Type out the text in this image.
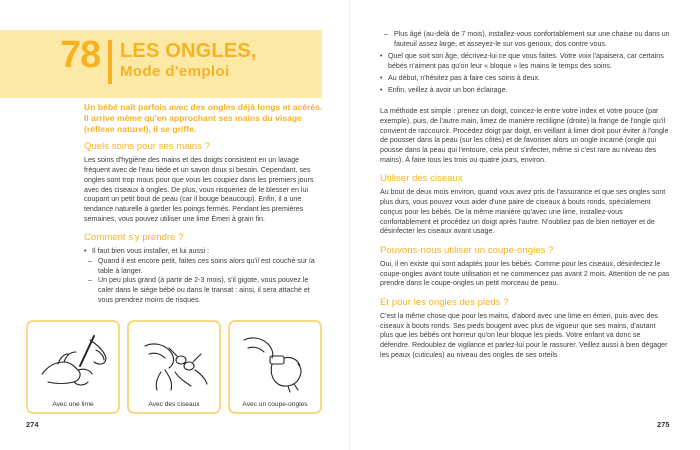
78 LES ONGLES,
Mode d'emploi

Un bébé naît parfois avec des ongles déjà longs et acérés. Il arrive même qu'en approchant ses mains du visage (réflexe naturel), il se griffe.

Quels soins pour ses mains ?

Les soins d'hygiène des mains et des doigts consistent en un lavage fréquent avec de l'eau tiède et un savon doux si besoin. Cependant, ses ongles sont trop mous pour que vous les coupiez dans les premiers jours avec des ciseaux à ongles. De plus, vous risqueriez de le blesser en lui coupant un petit bout de peau (car il bouge beaucoup). Enfin, il a une tendance naturelle à garder les poings fermés. Pendant les premières semaines, vous pouvez utiliser une lime Émeri à grain fin.

Comment s'y prendre ?
• Il faut bien vous installer, et lui aussi :
– Quand il est encore petit, faites ces soins alors qu'il est couché sur la table à langer.
– Un peu plus grand (à partir de 2-3 mois), s'il gigote, vous pouvez le caler dans le siège bébé ou dans le transat : ainsi, il sera attaché et vous prendrez moins de risques.
Avec une lime	Avec des ciseaux	Avec un coupe-ongles
274	275
– Plus âgé (au-delà de 7 mois), installez-vous confortablement sur une chaise ou dans un fauteuil assez large, et asseyez-le sur vos genoux, dos contre vous.
• Quel que soit son âge, décrivez-lui ce que vous faites. Votre voix l'apaisera, car certains bébés n'aiment pas qu'on leur « bloque » les mains le temps des soins.
• Au début, n'hésitez pas à faire ces soins à deux.
• Enfin, veillez à avoir un bon éclairage.

La méthode est simple : prenez un doigt, coincez-le entre votre index et votre pouce (par exemple), puis, de l'autre main, limez de manière rectiligne (droite) la frange de l'ongle qu'il convient de raccourcir. Procédez doigt par doigt, en veillant à limer droit pour éviter à l'ongle de pousser dans la peau (sur les côtés) et de favoriser alors un ongle incarné (ongle qui pousse dans la peau qui l'entoure, cela peut s'infecter, même si c'est rare au niveau des mains). À faire tous les trois ou quatre jours, environ.

Utiliser des ciseaux

Au bout de deux mois environ, quand vous avez pris de l'assurance et que ses ongles sont plus durs, vous pouvez vous aider d'une paire de ciseaux à bouts ronds, spécialement conçus pour les bébés. De la même manière qu'avec une lime, installez-vous confortablement et procédez un doigt après l'autre. N'oubliez pas de bien nettoyer et de désinfecter les ciseaux avant usage.

Pouvons-nous utiliser un coupe-ongles ?

Oui, il en existe qui sont adaptés pour les bébés. Comme pour les ciseaux, désinfectez le coupe-ongles avant toute utilisation et ne commencez pas avant 2 mois. Attention de ne pas prendre dans le coupe-ongles un petit morceau de peau.

Et pour les ongles des pieds ?

C'est la même chose que pour les mains, d'abord avec une lime en émeri, puis avec des ciseaux à bouts ronds. Ses pieds bougent avec plus de vigueur que ses mains, d'autant plus que les bébés ont horreur qu'on leur bloque les pieds. Votre enfant va donc se défendre. Redoublez de vigilance et parlez-lui pour le rassurer. Veillez aussi à bien dégager les peaux (cuticules) au niveau des ongles de ses orteils
